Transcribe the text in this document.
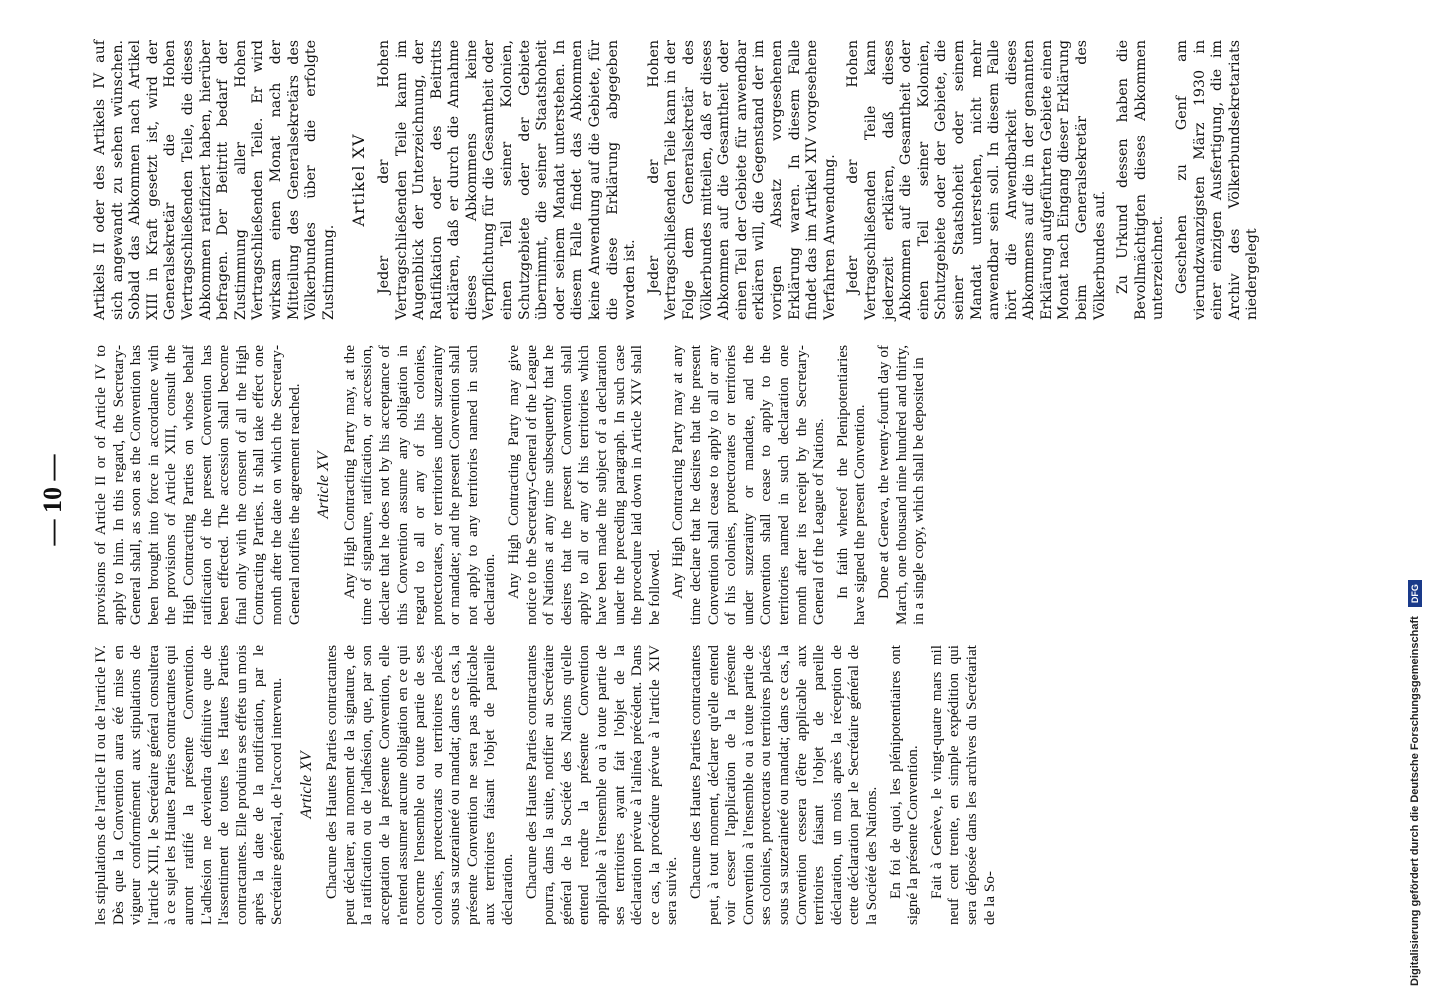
— 10 —

les stipulations de l'article II ou de l'article IV. Dès que la Convention aura été mise en vigueur conformément aux stipulations de l'article XIII, le Secrétaire général consultera à ce sujet les Hautes Parties contractantes qui auront ratifié la présente Convention. L'adhésion ne deviendra définitive que de l'assentiment de toutes les Hautes Parties contractantes. Elle produira ses effets un mois après la date de la notification, par le Secrétaire général, de l'accord intervenu. Article XV Chacune des Hautes Parties contractantes peut déclarer, au moment de la signature, de la ratification ou de l'adhésion, que, par son acceptation de la présente Convention, elle n'entend assumer aucune obligation en ce qui concerne l'ensemble ou toute partie de ses colonies, protectorats ou territoires placés sous sa suzeraineté ou mandat; dans ce cas, la présente Convention ne sera pas applicable aux territoires faisant l'objet de pareille déclaration. Chacune des Hautes Parties contractantes pourra, dans la suite, notifier au Secrétaire général de la Société des Nations qu'elle entend rendre la présente Convention applicable à l'ensemble ou à toute partie de ses territoires ayant fait l'objet de la déclaration prévue à l'alinéa précédent. Dans ce cas, la procédure prévue à l'article XIV sera suivie. Chacune des Hautes Parties contractantes peut, à tout moment, déclarer qu'elle entend voir cesser l'application de la présente Convention à l'ensemble ou à toute partie de ses colonies, protectorats ou territoires placés sous sa suzeraineté ou mandat; dans ce cas, la Convention cessera d'être applicable aux territoires faisant l'objet de pareille déclaration, un mois après la réception de cette déclaration par le Secrétaire général de la Société des Nations. En foi de quoi, les plénipotentiaires ont signé la présente Convention. Fait à Genève, le vingt-quatre mars mil neuf cent trente, en simple expédition qui sera déposée dans les archives du Secrétariat de la So-

provisions of Article II or of Article IV to apply to him. In this regard, the Secretary-General shall, as soon as the Convention has been brought into force in accordance with the provisions of Article XIII, consult the High Contracting Parties on whose behalf ratification of the present Convention has been effected. The accession shall become final only with the consent of all the High Contracting Parties. It shall take effect one month after the date on which the Secretary-General notifies the agreement reached. Article XV Any High Contracting Party may, at the time of signature, ratification, or accession, declare that he does not by his acceptance of this Convention assume any obligation in regard to all or any of his colonies, protectorates, or territories under suzerainty or mandate; and the present Convention shall not apply to any territories named in such declaration. Any High Contracting Party may give notice to the Secretary-General of the League of Nations at any time subsequently that he desires that the present Convention shall apply to all or any of his territories which have been made the subject of a declaration under the preceding paragraph. In such case the procedure laid down in Article XIV shall be followed. Any High Contracting Party may at any time declare that he desires that the present Convention shall cease to apply to all or any of his colonies, protectorates or territories under suzerainty or mandate, and the Convention shall cease to apply to the territories named in such declaration one month after its receipt by the Secretary-General of the League of Nations. In faith whereof the Plenipotentiaries have signed the present Convention. Done at Geneva, the twenty-fourth day of March, one thousand nine hundred and thirty, in a single copy, which shall be deposited in

Artikels II oder des Artikels IV auf sich angewandt zu sehen wünschen. Sobald das Abkommen nach Artikel XIII in Kraft gesetzt ist, wird der Generalsekretär die Hohen Vertragschließenden Teile, die dieses Abkommen ratifiziert haben, hierüber befragen. Der Beitritt bedarf der Zustimmung aller Hohen Vertragschließenden Teile. Er wird wirksam einen Monat nach der Mitteilung des Generalsekretärs des Völkerbundes über die erfolgte Zustimmung.

Artikel XV Jeder der Hohen Vertragschließenden Teile kann im Augenblick der Unterzeichnung, der Ratifikation oder des Beitritts erklären, daß er durch die Annahme dieses Abkommens keine Verpflichtung für die Gesamtheit oder einen Teil seiner Kolonien, Schutzgebiete oder der Gebiete übernimmt, die seiner Staatshoheit oder seinem Mandat unterstehen. In diesem Falle findet das Abkommen keine Anwendung auf die Gebiete, für die diese Erklärung abgegeben worden ist. Jeder der Hohen Vertragschließenden Teile kann in der Folge dem Generalsekretär des Völkerbundes mitteilen, daß er dieses Abkommen auf die Gesamtheit oder einen Teil der Gebiete für anwendbar erklären will, die Gegenstand der im vorigen Absatz vorgesehenen Erklärung waren. In diesem Falle findet das im Artikel XIV vorgesehene Verfahren Anwendung. Jeder der Hohen Vertragschließenden Teile kann jederzeit erklären, daß dieses Abkommen auf die Gesamtheit oder einen Teil seiner Kolonien, Schutzgebiete oder der Gebiete, die seiner Staatshoheit oder seinem Mandat unterstehen, nicht mehr anwendbar sein soll. In diesem Falle hört die Anwendbarkeit dieses Abkommens auf die in der genannten Erklärung aufgeführten Gebiete einen Monat nach Eingang dieser Erklärung beim Generalsekretär des Völkerbundes auf. Zu Urkund dessen haben die Bevollmächtigten dieses Abkommen unterzeichnet. Geschehen zu Genf am vierundzwanzigsten März 1930 in einer einzigen Ausfertigung, die im Archiv des Völkerbundsekretariats niedergelegt

Digitalisierung gefördert durch die Deutsche Forschungsgemeinschaft DFG
